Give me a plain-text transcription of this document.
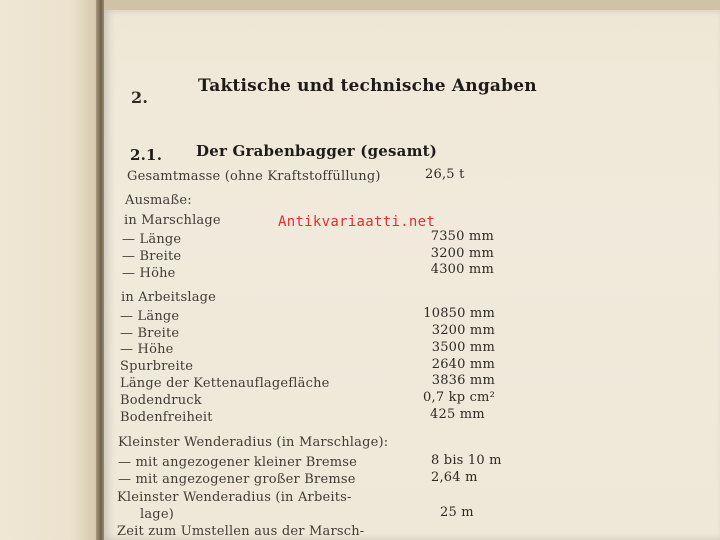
2.
Taktische und technische Angaben
2.1. Der Grabenbagger (gesamt)
Gesamtmasse (ohne Kraftstoffüllung)	26,5 t
Ausmaße:
in Marschlage
— Länge	7350 mm
— Breite	3200 mm
— Höhe	4300 mm
in Arbeitslage
— Länge	10850 mm
— Breite	3200 mm
— Höhe	3500 mm
Spurbreite	2640 mm
Länge der Kettenauflagefläche	3836 mm
Bodendruck	0,7 kp cm²
Bodenfreiheit	425 mm
Kleinster Wenderadius (in Marschlage):
— mit angezogener kleiner Bremse	8 bis 10 m
— mit angezogener großer Bremse	2,64 m
Kleinster Wenderadius (in Arbeits-
lage)	25 m
Zeit zum Umstellen aus der Marsch-
Antikvariaatti.net
